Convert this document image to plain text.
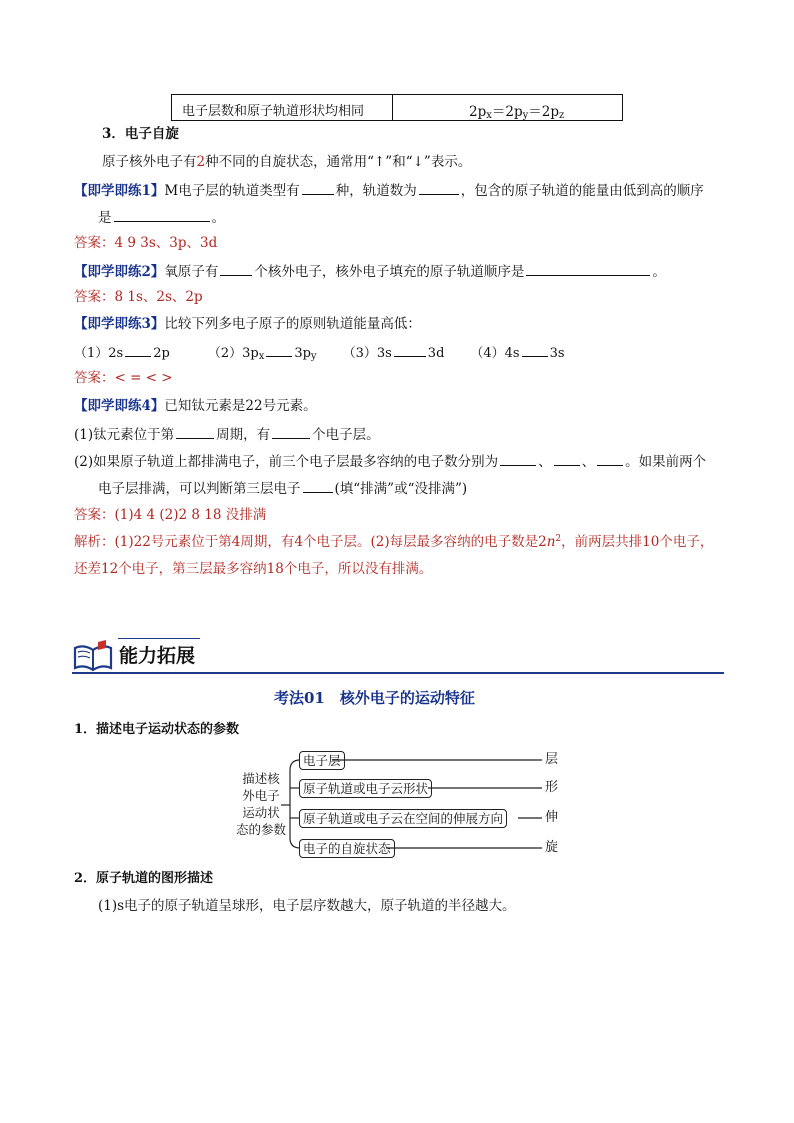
电子层数和原子轨道形状均相同	$2p_x=2p_y=2p_z$
3．电子自旋
原子核外电子有2种不同的自旋状态，通常用“↑”和“↓”表示。
【即学即练1】M电子层的轨道类型有	种，轨道数为	，包含的原子轨道的能量由低到高的顺序
是	。
答案：4 9 3s、3p、3d
【即学即练2】氧原子有	个核外电子，核外电子填充的原子轨道顺序是	。
答案：8 1s、2s、2p
【即学即练3】比较下列多电子原子的原则轨道能量高低：
（1）2s 2p	$(2)3p_x$ $3p_y$ （3）3s	3d （4）4s 3s
答案：< = < >
【即学即练4】已知钛元素是22号元素。
(1)钛元素位于第	周期，有	个电子层。
(2)如果原子轨道上都排满电子，前三个电子层最多容纳的电子数分别为	、 、 。如果前两个
电子层排满，可以判断第三层电子	(填“排满”或“没排满”)
答案：(1)4 4 (2)2 8 18 没排满
解析：(1)22号元素位于第4周期，有4个电子层。(2)每层最多容纳的电子数是$2n^2$，前两层共排10个电子，
还差12个电子，第三层最多容纳18个电子，所以没有排满。
能力拓展
考法01　核外电子的运动特征
1．描述电子运动状态的参数
描述核
外电子
运动状
态的参数
电子层
原子轨道或电子云形状
原子轨道或电子云在空间的伸展方向
电子的自旋状态
层
形
伸
旋
2．原子轨道的图形描述
(1)s电子的原子轨道呈球形，电子层序数越大，原子轨道的半径越大。
